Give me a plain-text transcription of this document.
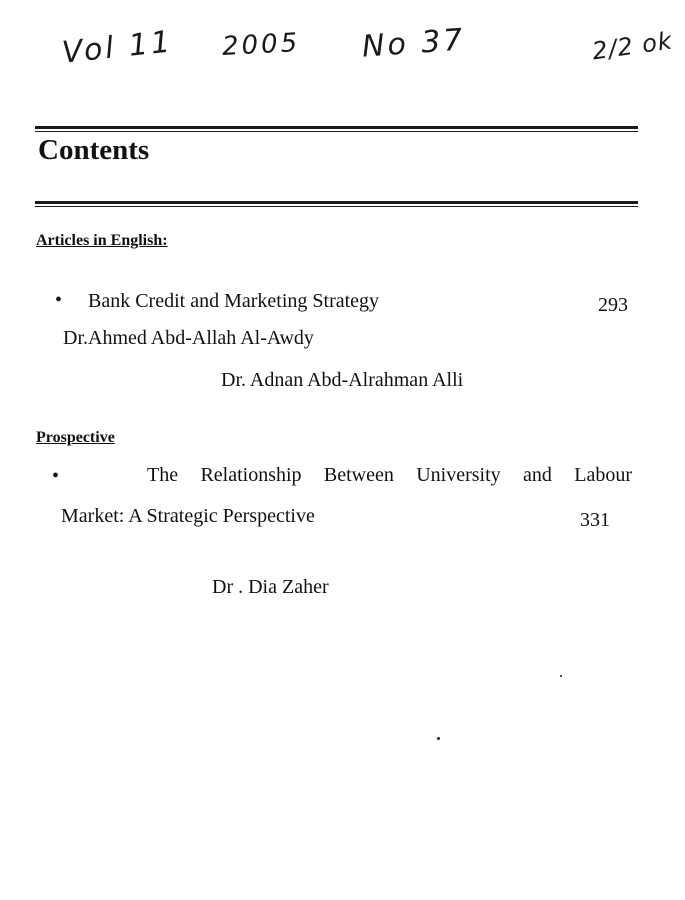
Vol 11 2005 No 37	2/2 ok
Contents
Articles in English:
• Bank Credit and Marketing Strategy	293
Dr.Ahmed Abd-Allah Al-Awdy
Dr. Adnan Abd-Alrahman Alli
Prospective
•	The Relationship Between University and Labour
Market: A Strategic Perspective	331
Dr . Dia Zaher
